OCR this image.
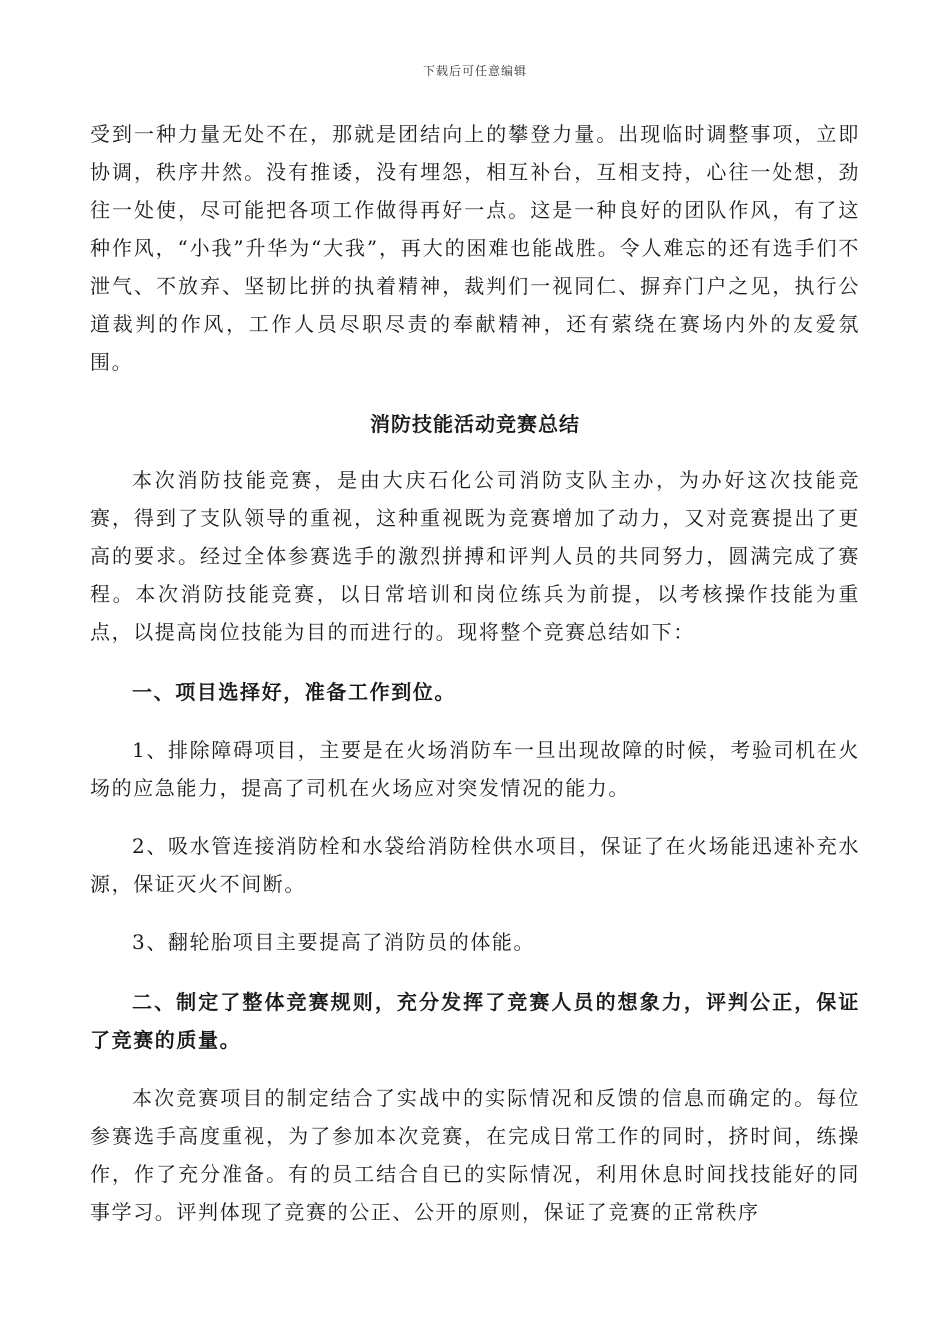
下载后可任意编辑

受到一种力量无处不在，那就是团结向上的攀登力量。出现临时调整事项，立即协调，秩序井然。没有推诿，没有埋怨，相互补台，互相支持，心往一处想，劲往一处使，尽可能把各项工作做得再好一点。这是一种良好的团队作风，有了这种作风，“小我”升华为“大我”，再大的困难也能战胜。令人难忘的还有选手们不泄气、不放弃、坚韧比拼的执着精神，裁判们一视同仁、摒弃门户之见，执行公道裁判的作风，工作人员尽职尽责的奉献精神，还有萦绕在赛场内外的友爱氛围。

消防技能活动竞赛总结

本次消防技能竞赛，是由大庆石化公司消防支队主办，为办好这次技能竞赛，得到了支队领导的重视，这种重视既为竞赛增加了动力，又对竞赛提出了更高的要求。经过全体参赛选手的激烈拼搏和评判人员的共同努力，圆满完成了赛程。本次消防技能竞赛，以日常培训和岗位练兵为前提，以考核操作技能为重点，以提高岗位技能为目的而进行的。现将整个竞赛总结如下：

一、项目选择好，准备工作到位。

1、排除障碍项目，主要是在火场消防车一旦出现故障的时候，考验司机在火场的应急能力，提高了司机在火场应对突发情况的能力。

2、吸水管连接消防栓和水袋给消防栓供水项目，保证了在火场能迅速补充水源，保证灭火不间断。

3、翻轮胎项目主要提高了消防员的体能。

二、制定了整体竞赛规则，充分发挥了竞赛人员的想象力，评判公正，保证了竞赛的质量。

本次竞赛项目的制定结合了实战中的实际情况和反馈的信息而确定的。每位参赛选手高度重视，为了参加本次竞赛，在完成日常工作的同时，挤时间，练操作，作了充分准备。有的员工结合自已的实际情况，利用休息时间找技能好的同事学习。评判体现了竞赛的公正、公开的原则，保证了竞赛的正常秩序
